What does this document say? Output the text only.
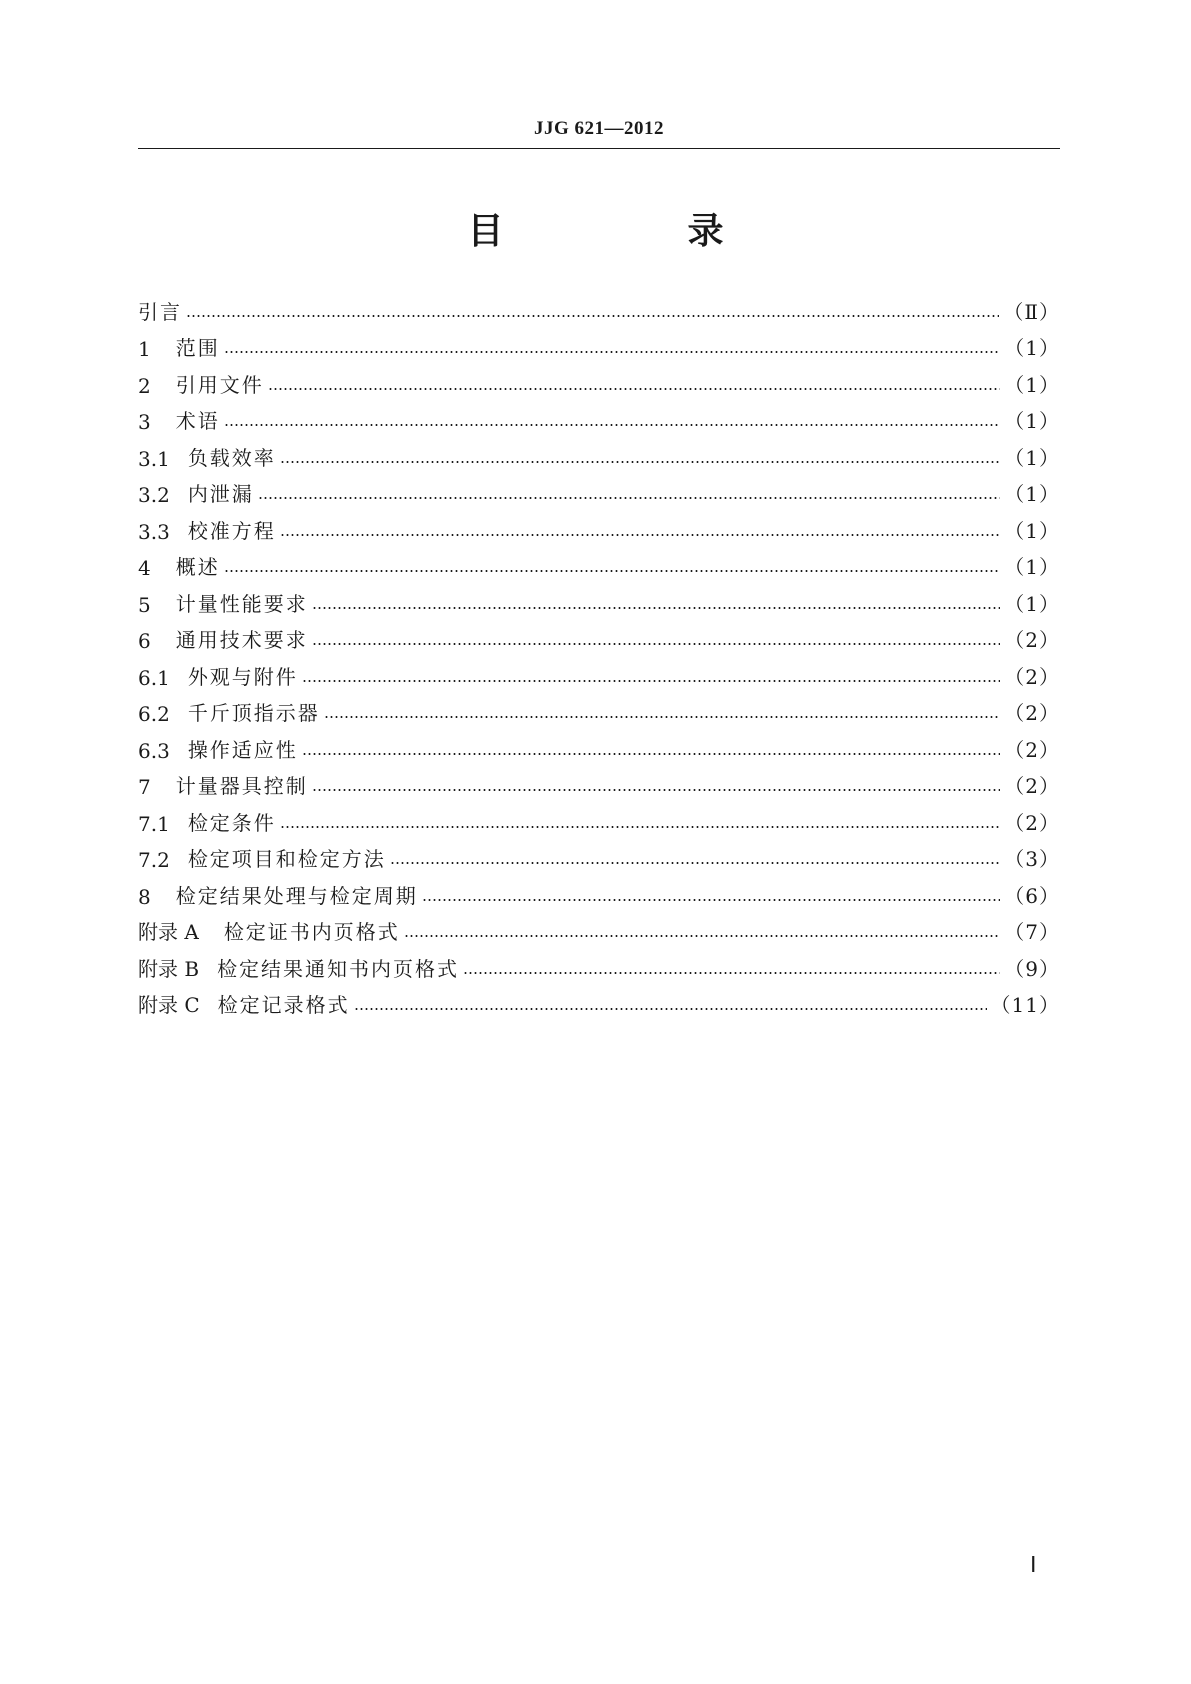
JJG 621—2012
目　录
引言	（Ⅱ）
1 范围	（1）
2 引用文件	（1）
3 术语	（1）
3.1 负载效率	（1）
3.2 内泄漏	（1）
3.3 校准方程	（1）
4 概述	（1）
5 计量性能要求	（1）
6 通用技术要求	（2）
6.1 外观与附件	（2）
6.2 千斤顶指示器	（2）
6.3 操作适应性	（2）
7 计量器具控制	（2）
7.1 检定条件	（2）
7.2 检定项目和检定方法	（3）
8 检定结果处理与检定周期	（6）
附录 A 检定证书内页格式	（7）
附录 B 检定结果通知书内页格式	（9）
附录 C 检定记录格式	（11）
Ⅰ
